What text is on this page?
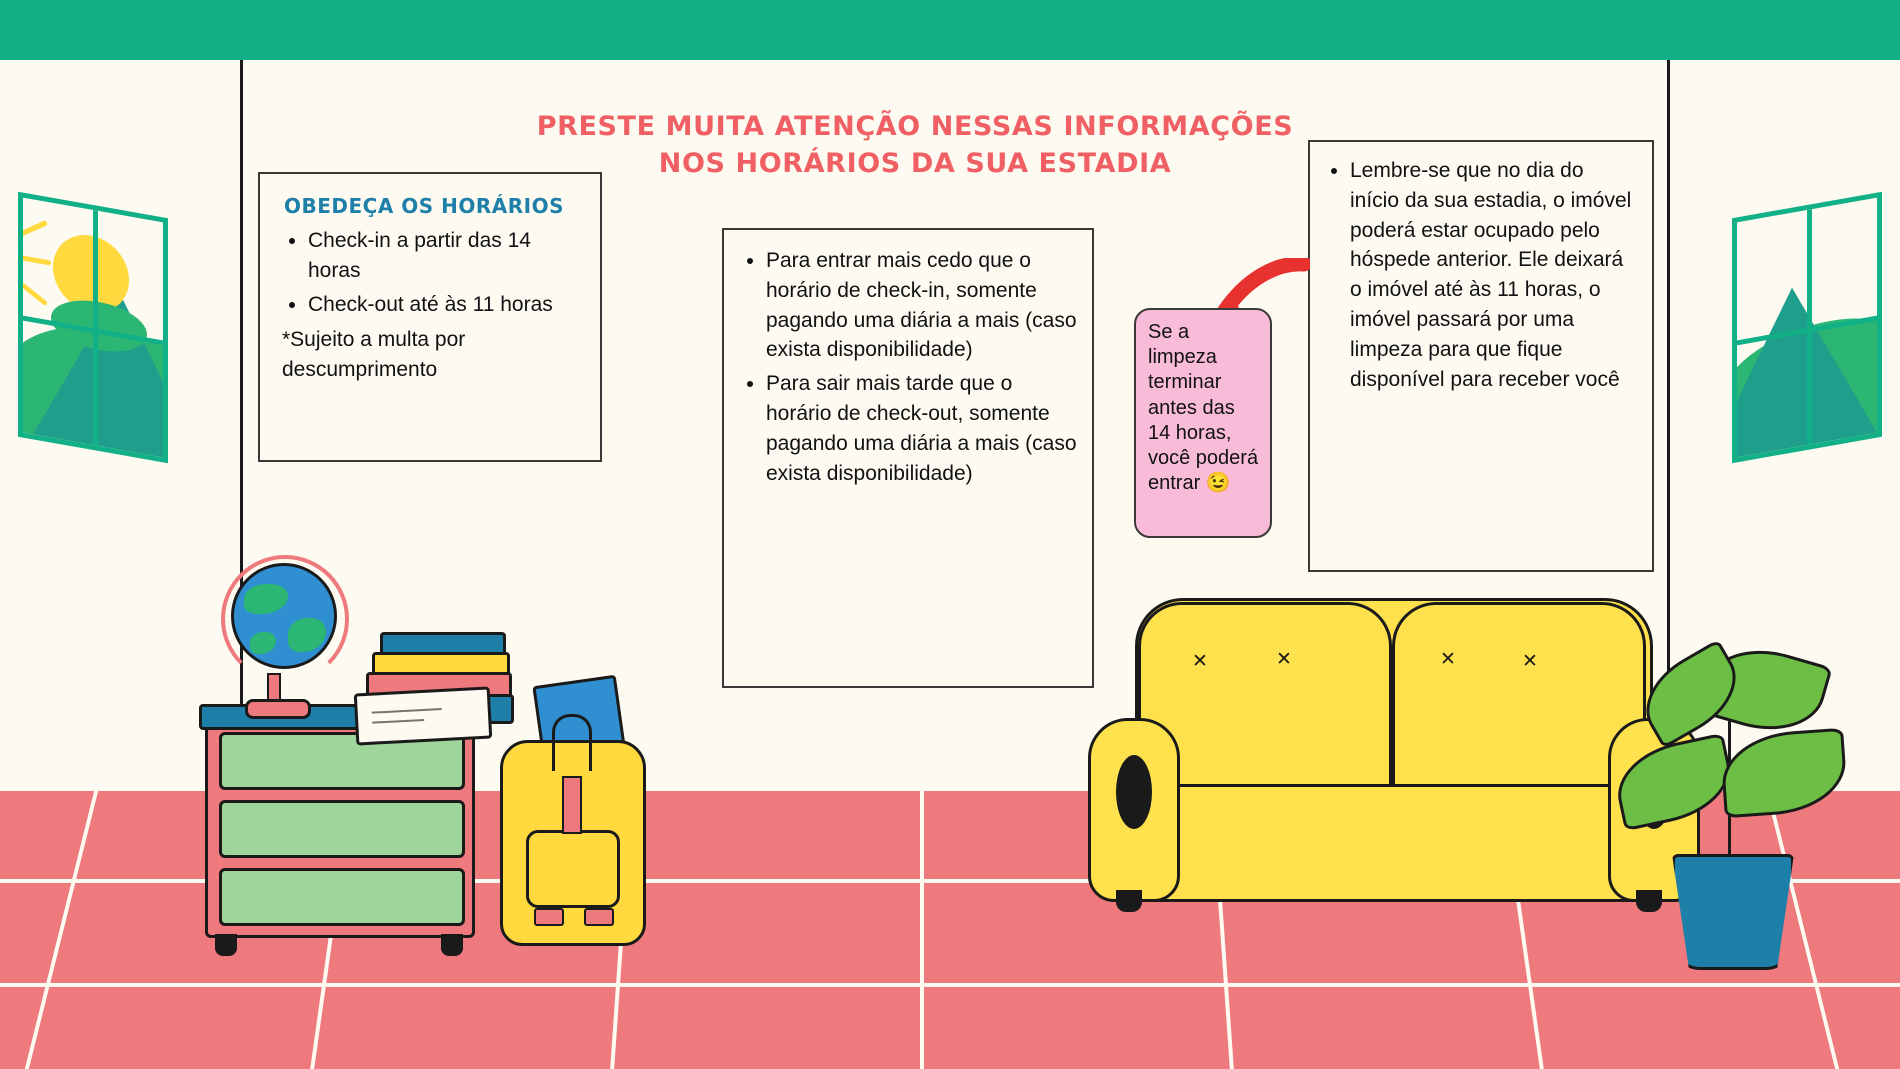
✕	✕	✕	✕
PRESTE MUITA ATENÇÃO NESSAS INFORMAÇÕES
NOS HORÁRIOS DA SUA ESTADIA
OBEDEÇA OS HORÁRIOS
• Check-in a partir das 14 horas
• Check-out até às 11 horas
*Sujeito a multa por descumprimento
• Para entrar mais cedo que o horário de check-in, somente pagando uma diária a mais (caso exista disponibilidade)
• Para sair mais tarde que o horário de check-out, somente pagando uma diária a mais (caso exista disponibilidade)
• Lembre-se que no dia do início da sua estadia, o imóvel poderá estar ocupado pelo hóspede anterior. Ele deixará o imóvel até às 11 horas, o imóvel passará por uma limpeza para que fique disponível para receber você
Se a limpeza terminar antes das 14 horas, você poderá entrar 😉
